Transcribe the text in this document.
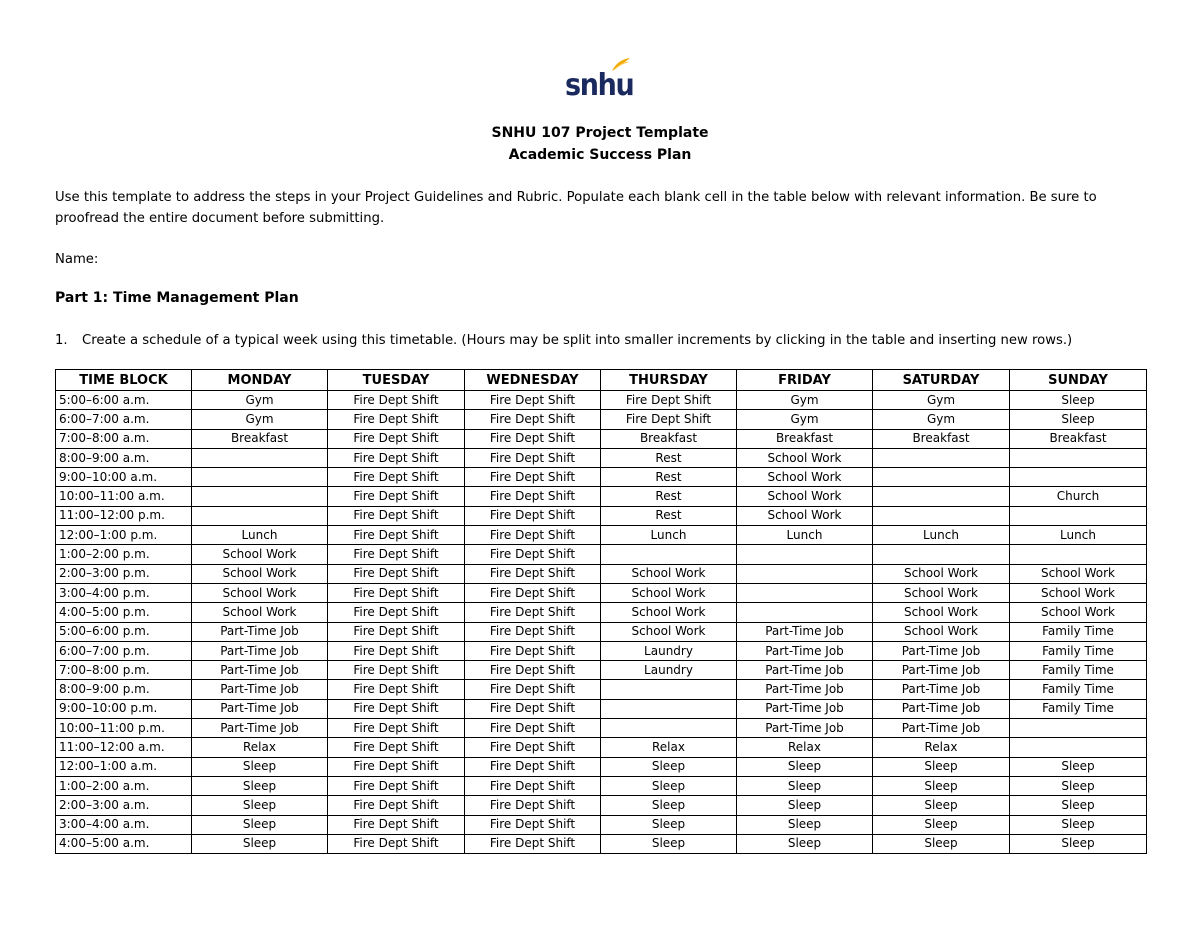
snhu
SNHU 107 Project Template
Academic Success Plan
Use this template to address the steps in your Project Guidelines and Rubric. Populate each blank cell in the table below with relevant information. Be sure to proofread the entire document before submitting.
Name:
Part 1: Time Management Plan
1. Create a schedule of a typical week using this timetable. (Hours may be split into smaller increments by clicking in the table and inserting new rows.)
TIME BLOCK	MONDAY	TUESDAY	WEDNESDAY	THURSDAY	FRIDAY	SATURDAY	SUNDAY
5:00–6:00 a.m.	Gym	Fire Dept Shift	Fire Dept Shift	Fire Dept Shift	Gym	Gym	Sleep
6:00–7:00 a.m.	Gym	Fire Dept Shift	Fire Dept Shift	Fire Dept Shift	Gym	Gym	Sleep
7:00–8:00 a.m.	Breakfast	Fire Dept Shift	Fire Dept Shift	Breakfast	Breakfast	Breakfast	Breakfast
8:00–9:00 a.m.		Fire Dept Shift	Fire Dept Shift	Rest	School Work		
9:00–10:00 a.m.		Fire Dept Shift	Fire Dept Shift	Rest	School Work		
10:00–11:00 a.m.		Fire Dept Shift	Fire Dept Shift	Rest	School Work		Church
11:00–12:00 p.m.		Fire Dept Shift	Fire Dept Shift	Rest	School Work		
12:00–1:00 p.m.	Lunch	Fire Dept Shift	Fire Dept Shift	Lunch	Lunch	Lunch	Lunch
1:00–2:00 p.m.	School Work	Fire Dept Shift	Fire Dept Shift				
2:00–3:00 p.m.	School Work	Fire Dept Shift	Fire Dept Shift	School Work		School Work	School Work
3:00–4:00 p.m.	School Work	Fire Dept Shift	Fire Dept Shift	School Work		School Work	School Work
4:00–5:00 p.m.	School Work	Fire Dept Shift	Fire Dept Shift	School Work		School Work	School Work
5:00–6:00 p.m.	Part-Time Job	Fire Dept Shift	Fire Dept Shift	School Work	Part-Time Job	School Work	Family Time
6:00–7:00 p.m.	Part-Time Job	Fire Dept Shift	Fire Dept Shift	Laundry	Part-Time Job	Part-Time Job	Family Time
7:00–8:00 p.m.	Part-Time Job	Fire Dept Shift	Fire Dept Shift	Laundry	Part-Time Job	Part-Time Job	Family Time
8:00–9:00 p.m.	Part-Time Job	Fire Dept Shift	Fire Dept Shift		Part-Time Job	Part-Time Job	Family Time
9:00–10:00 p.m.	Part-Time Job	Fire Dept Shift	Fire Dept Shift		Part-Time Job	Part-Time Job	Family Time
10:00–11:00 p.m.	Part-Time Job	Fire Dept Shift	Fire Dept Shift		Part-Time Job	Part-Time Job	
11:00–12:00 a.m.	Relax	Fire Dept Shift	Fire Dept Shift	Relax	Relax	Relax	
12:00–1:00 a.m.	Sleep	Fire Dept Shift	Fire Dept Shift	Sleep	Sleep	Sleep	Sleep
1:00–2:00 a.m.	Sleep	Fire Dept Shift	Fire Dept Shift	Sleep	Sleep	Sleep	Sleep
2:00–3:00 a.m.	Sleep	Fire Dept Shift	Fire Dept Shift	Sleep	Sleep	Sleep	Sleep
3:00–4:00 a.m.	Sleep	Fire Dept Shift	Fire Dept Shift	Sleep	Sleep	Sleep	Sleep
4:00–5:00 a.m.	Sleep	Fire Dept Shift	Fire Dept Shift	Sleep	Sleep	Sleep	Sleep
